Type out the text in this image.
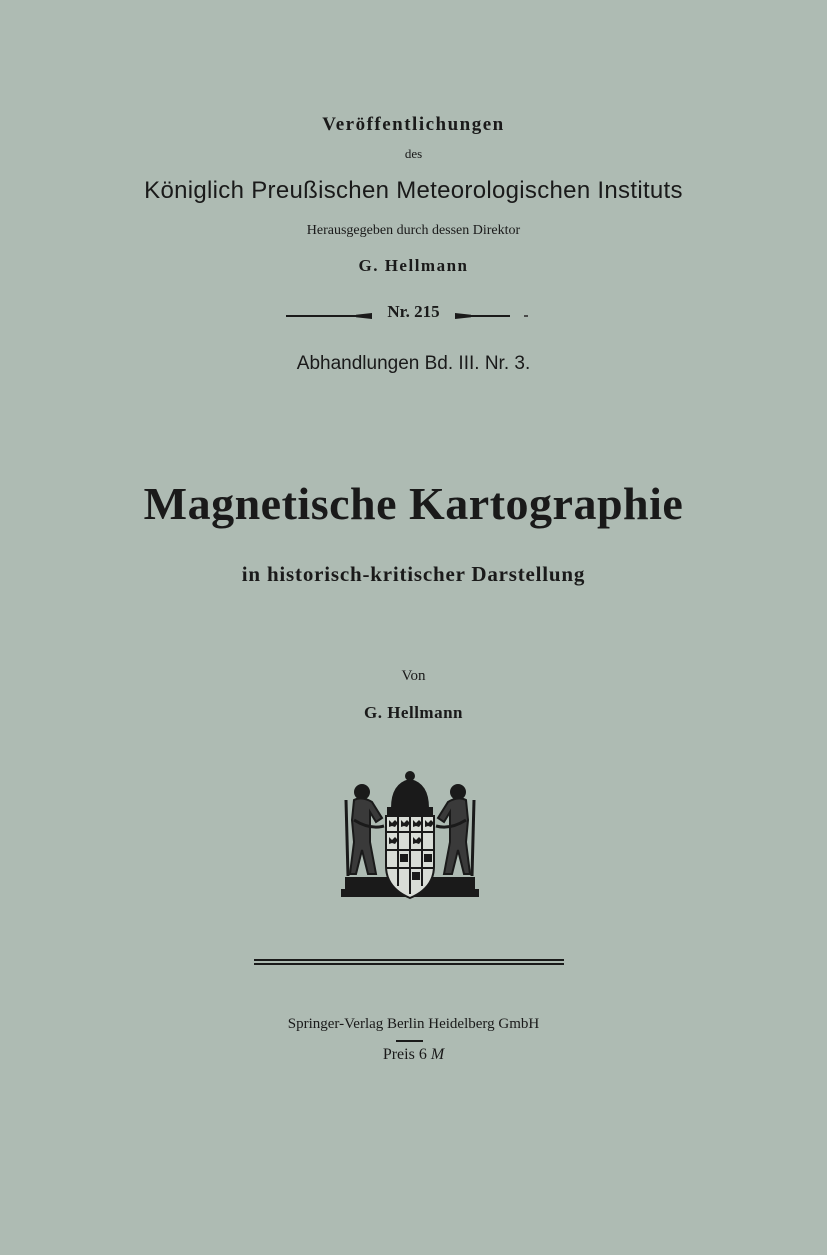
Veröffentlichungen
des
Königlich Preußischen Meteorologischen Instituts
Herausgegeben durch dessen Direktor
G. Hellmann
Nr. 215
Abhandlungen Bd. III. Nr. 3.
Magnetische Kartographie
in historisch-kritischer Darstellung
Von
G. Hellmann
Springer-Verlag Berlin Heidelberg GmbH
Preis 6 M
